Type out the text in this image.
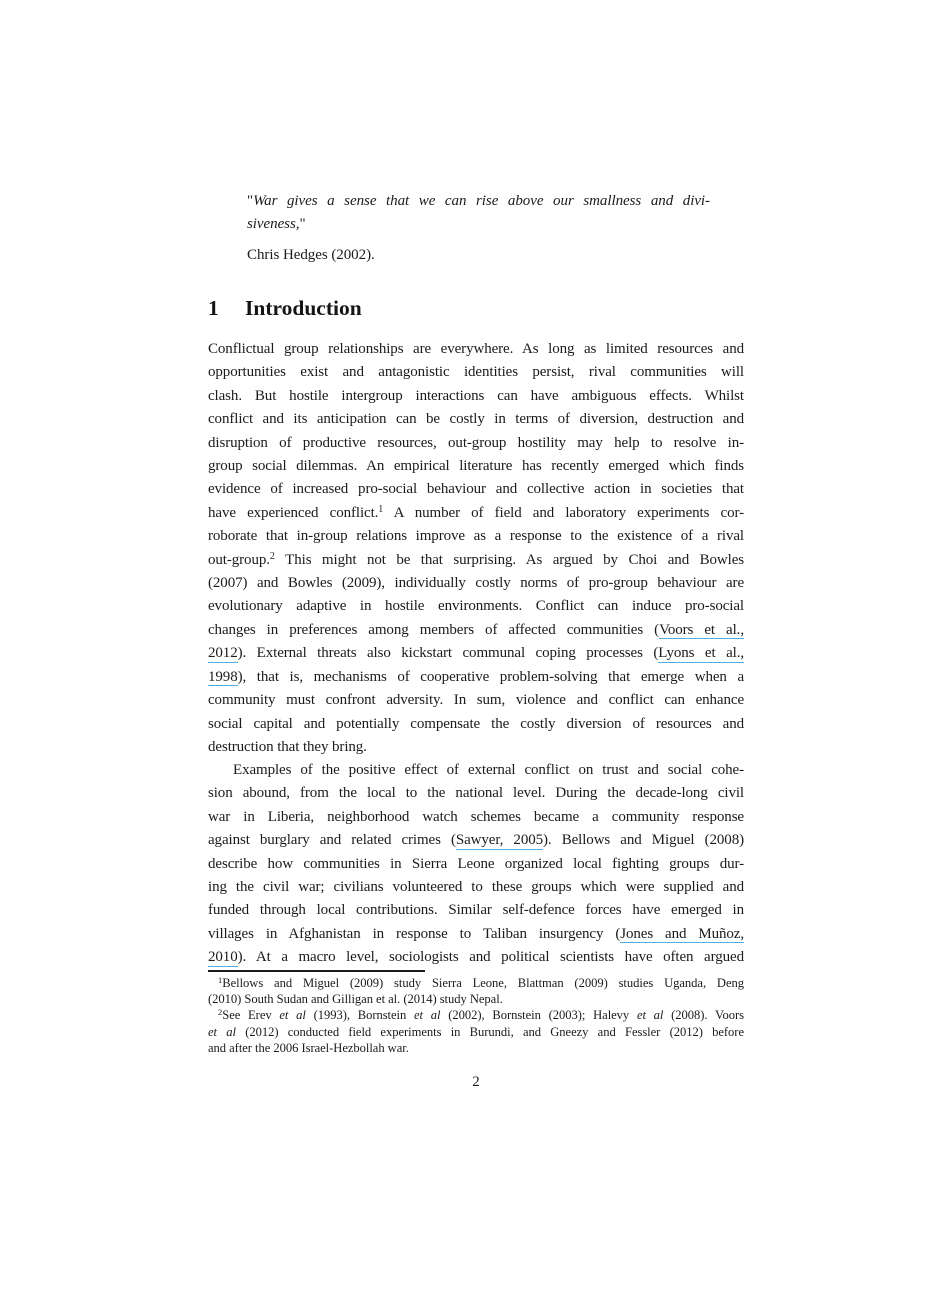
"War gives a sense that we can rise above our smallness and divi-
siveness,"
Chris Hedges (2002).
1 Introduction
Conflictual group relationships are everywhere. As long as limited resources and
opportunities exist and antagonistic identities persist, rival communities will
clash. But hostile intergroup interactions can have ambiguous effects. Whilst
conflict and its anticipation can be costly in terms of diversion, destruction and
disruption of productive resources, out-group hostility may help to resolve in-
group social dilemmas. An empirical literature has recently emerged which finds
evidence of increased pro-social behaviour and collective action in societies that
have experienced conflict.$^1$ A number of field and laboratory experiments cor-
roborate that in-group relations improve as a response to the existence of a rival
out-group.$^2$ This might not be that surprising. As argued by Choi and Bowles
(2007) and Bowles (2009), individually costly norms of pro-group behaviour are
evolutionary adaptive in hostile environments. Conflict can induce pro-social
changes in preferences among members of affected communities (Voors et al.,
2012). External threats also kickstart communal coping processes (Lyons et al.,
1998), that is, mechanisms of cooperative problem-solving that emerge when a
community must confront adversity. In sum, violence and conflict can enhance
social capital and potentially compensate the costly diversion of resources and
destruction that they bring.
Examples of the positive effect of external conflict on trust and social cohe-
sion abound, from the local to the national level. During the decade-long civil
war in Liberia, neighborhood watch schemes became a community response
against burglary and related crimes (Sawyer, 2005). Bellows and Miguel (2008)
describe how communities in Sierra Leone organized local fighting groups dur-
ing the civil war; civilians volunteered to these groups which were supplied and
funded through local contributions. Similar self-defence forces have emerged in
villages in Afghanistan in response to Taliban insurgency (Jones and Muñoz,
2010). At a macro level, sociologists and political scientists have often argued
$^1$Bellows and Miguel (2009) study Sierra Leone, Blattman (2009) studies Uganda, Deng
(2010) South Sudan and Gilligan et al. (2014) study Nepal.
$^2$See Erev et al (1993), Bornstein et al (2002), Bornstein (2003); Halevy et al (2008). Voors
et al (2012) conducted field experiments in Burundi, and Gneezy and Fessler (2012) before
and after the 2006 Israel-Hezbollah war.
2
